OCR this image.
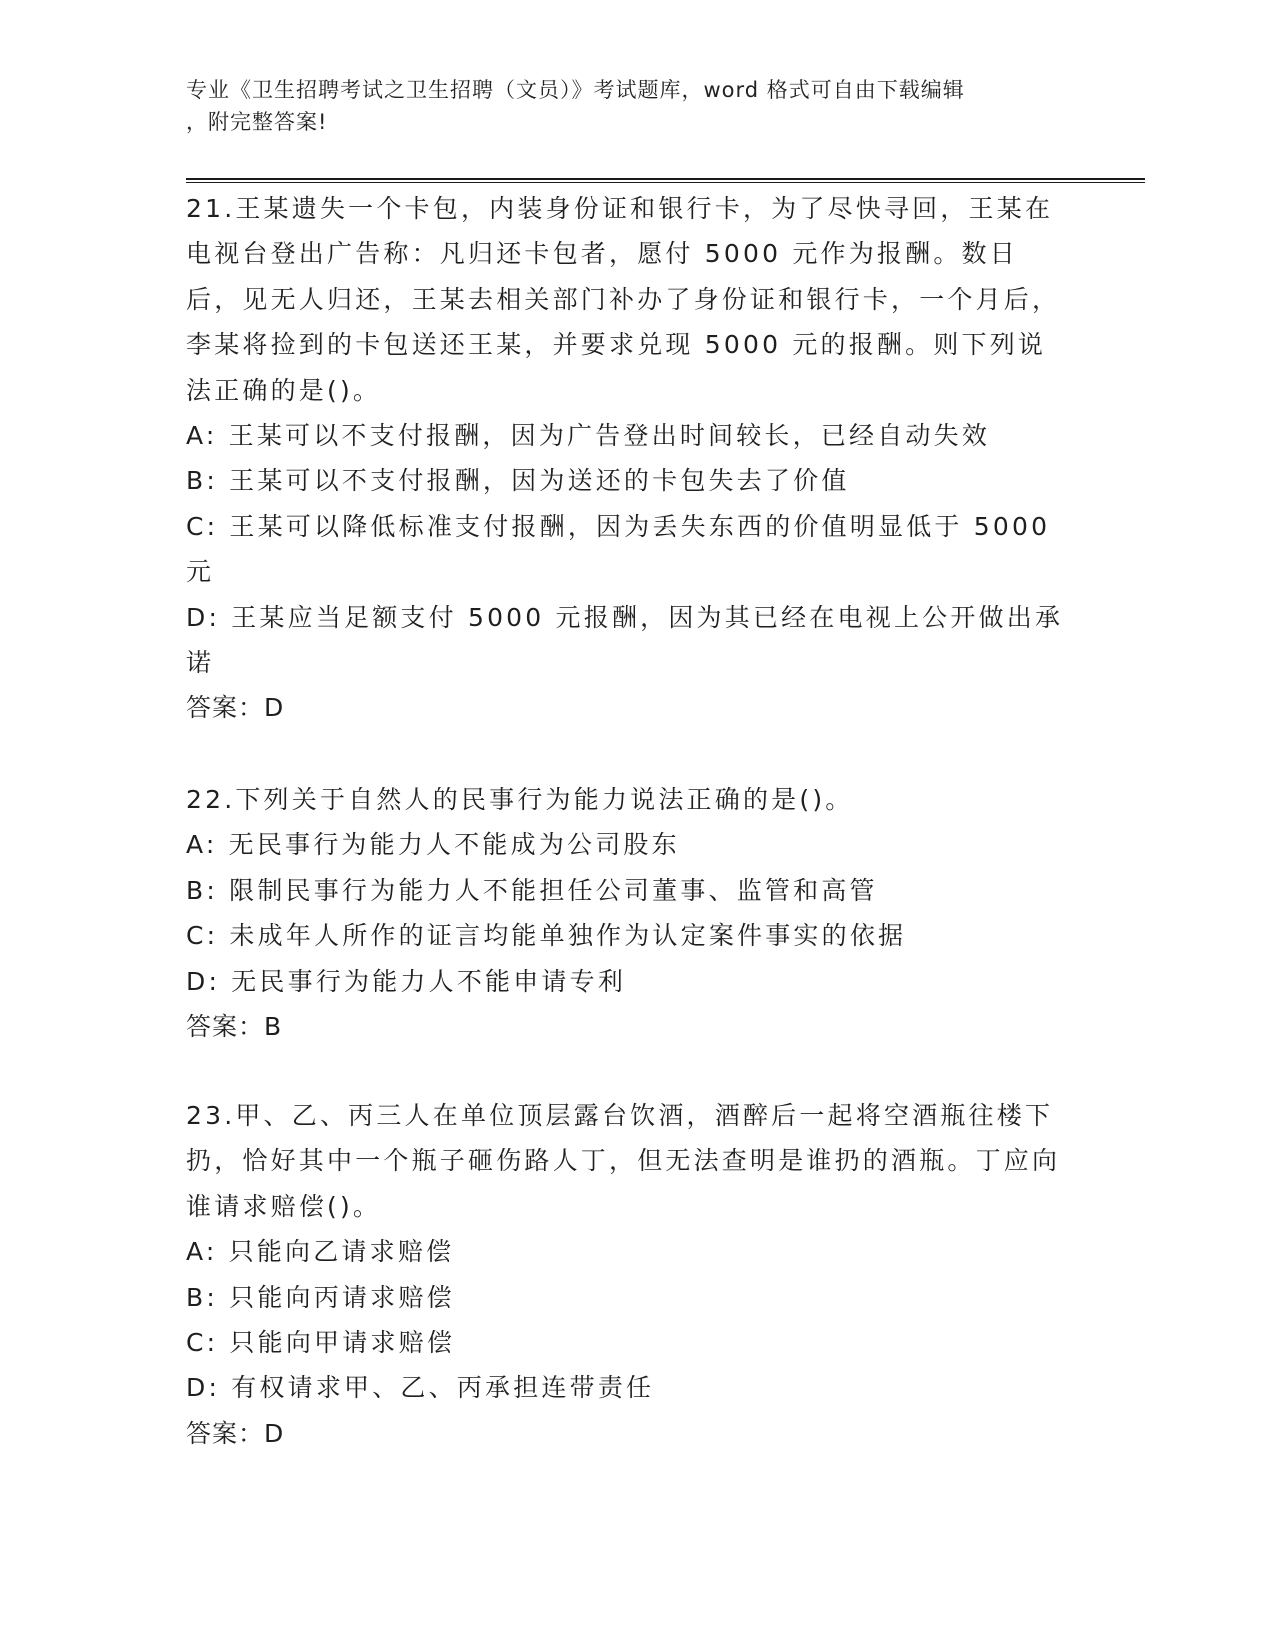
专业《卫生招聘考试之卫生招聘（文员）》考试题库，word 格式可自由下载编辑
，附完整答案!

21.王某遗失一个卡包，内装身份证和银行卡，为了尽快寻回，王某在电视台登出广告称：凡归还卡包者，愿付 5000 元作为报酬。数日后，见无人归还，王某去相关部门补办了身份证和银行卡，一个月后，李某将捡到的卡包送还王某，并要求兑现 5000 元的报酬。则下列说法正确的是()。

A: 王某可以不支付报酬，因为广告登出时间较长，已经自动失效

B: 王某可以不支付报酬，因为送还的卡包失去了价值

C: 王某可以降低标准支付报酬，因为丢失东西的价值明显低于 5000 元

D: 王某应当足额支付 5000 元报酬，因为其已经在电视上公开做出承诺

答案：D

22.下列关于自然人的民事行为能力说法正确的是()。

A: 无民事行为能力人不能成为公司股东

B: 限制民事行为能力人不能担任公司董事、监管和高管

C: 未成年人所作的证言均能单独作为认定案件事实的依据

D: 无民事行为能力人不能申请专利

答案：B

23.甲、乙、丙三人在单位顶层露台饮酒，酒醉后一起将空酒瓶往楼下扔，恰好其中一个瓶子砸伤路人丁，但无法查明是谁扔的酒瓶。丁应向谁请求赔偿()。

A: 只能向乙请求赔偿

B: 只能向丙请求赔偿

C: 只能向甲请求赔偿

D: 有权请求甲、乙、丙承担连带责任

答案：D
